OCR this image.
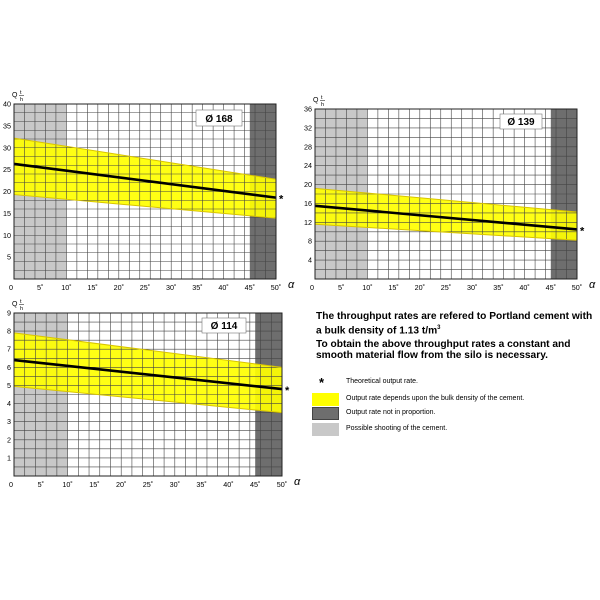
*
Ø 168
0	5˚ 10˚ 15˚ 20˚ 25˚ 30˚ 35˚ 40˚ 45˚ 50˚ α
5
10
15
20
25
30
35
40
Q t
h
*
Ø 139
0	5˚ 10˚ 15˚ 20˚ 25˚ 30˚ 35˚ 40˚ 45˚ 50˚ α
4
8
12
16
20
24
28
32
36
Q t
h
*
Ø 114
0	5˚	10˚ 15˚ 20˚ 25˚ 30˚ 35˚ 40˚ 45˚ 50˚ α
1
2
3
4
5
6
7
8
9
Q t
h

The throughput rates are refered to Portland cement with a bulk density of 1.13 $t/m^3$

To obtain the above throughput rates a constant and smooth material flow from the silo is necessary.

*	Theoretical output rate.
Output rate depends upon the bulk density of the cement.
Output rate not in proportion.
Possible shooting of the cement.
